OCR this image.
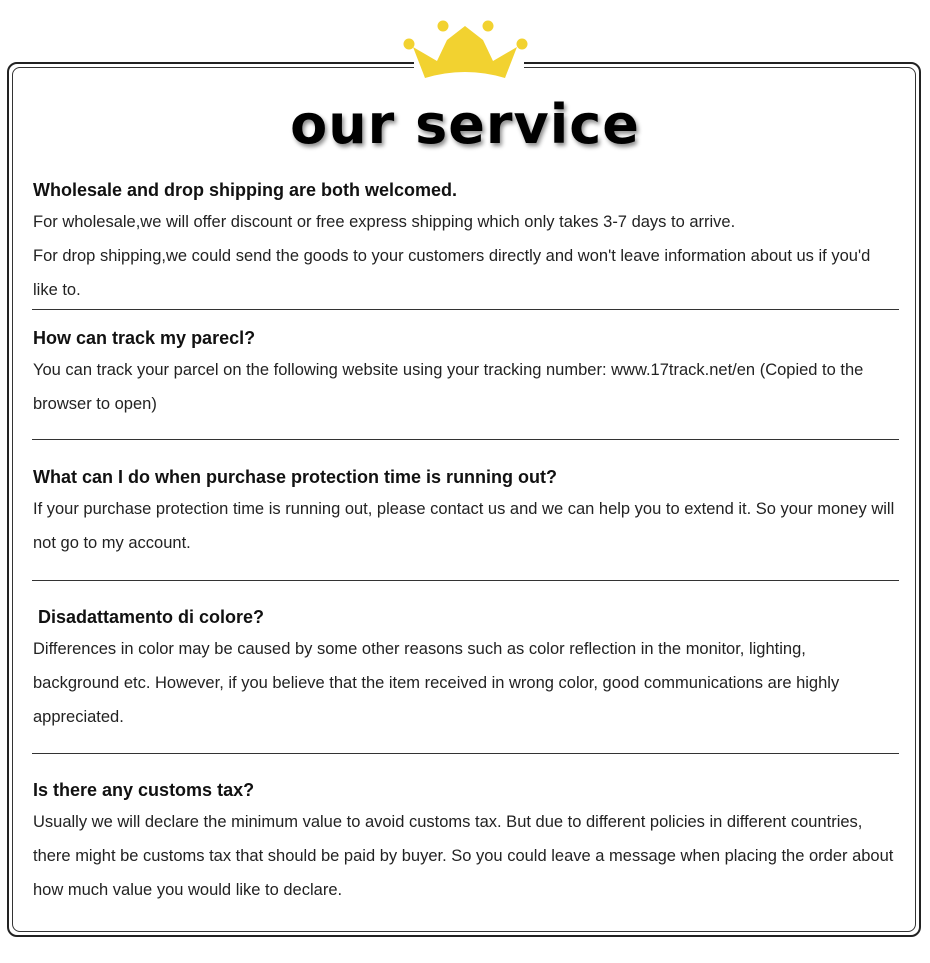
our service

Wholesale and drop shipping are both welcomed.

For wholesale,we will offer discount or free express shipping which only takes 3-7 days to arrive.

For drop shipping,we could send the goods to your customers directly and won't leave information about us if you'd like to.

How can track my parecl?

You can track your parcel on the following website using your tracking number: www.17track.net/en (Copied to the browser to open)

What can I do when purchase protection time is running out?

If your purchase protection time is running out, please contact us and we can help you to extend it. So your money will not go to my account.

Disadattamento di colore?

Differences in color may be caused by some other reasons such as color reflection in the monitor, lighting, background etc. However, if you believe that the item received in wrong color, good communications are highly appreciated.

Is there any customs tax?

Usually we will declare the minimum value to avoid customs tax. But due to different policies in different countries, there might be customs tax that should be paid by buyer. So you could leave a message when placing the order about how much value you would like to declare.
